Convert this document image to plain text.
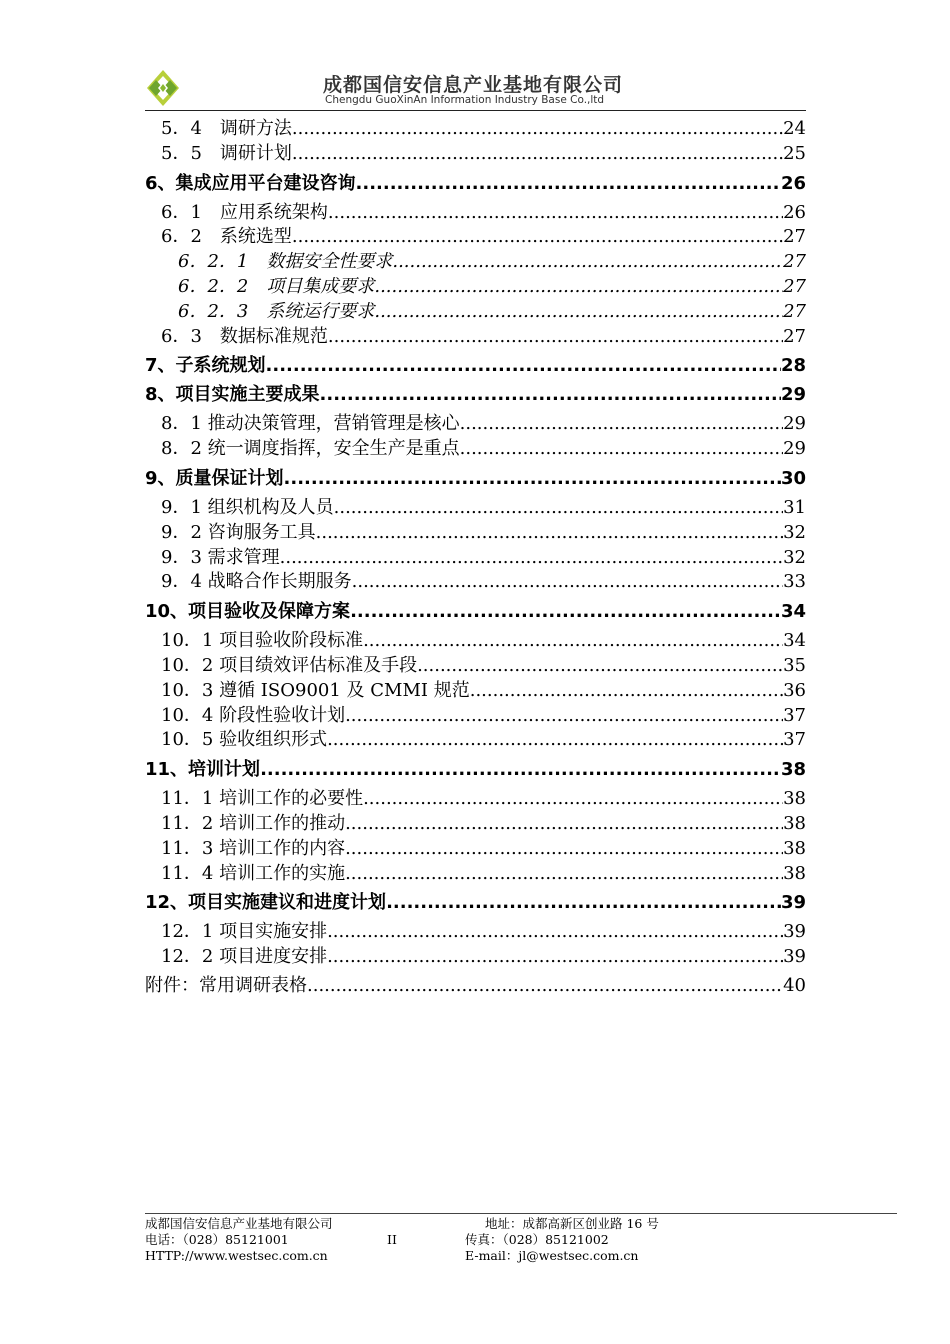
成都国信安信息产业基地有限公司
Chengdu GuoXinAn Information Industry Base Co.,ltd
5．4　调研方法 .....	24
5．5　调研计划 .....	25
6、集成应用平台建设咨询 .....	26
6．1　应用系统架构 .....	26
6．2　系统选型 .....	27
6．2．1　数据安全性要求 .....	27
6．2．2　项目集成要求 .....	27
6．2．3　系统运行要求 .....	27
6．3　数据标准规范 .....	27
7、子系统规划 .....	28
8、项目实施主要成果 .....	29
8．1 推动决策管理，营销管理是核心 .....	29
8．2 统一调度指挥，安全生产是重点 .....	29
9、质量保证计划 .....	30
9．1 组织机构及人员 .....	31
9．2 咨询服务工具 .....	32
9．3 需求管理 .....	32
9．4 战略合作长期服务 .....	33
10、项目验收及保障方案 .....	34
10．1 项目验收阶段标准 .....	34
10．2 项目绩效评估标准及手段 .....	35
10．3 遵循 ISO9001 及 CMMI 规范 .....	36
10．4 阶段性验收计划 .....	37
10．5 验收组织形式 .....	37
11、培训计划 .....	38
11．1 培训工作的必要性 .....	38
11．2 培训工作的推动 .....	38
11．3 培训工作的内容 .....	38
11．4 培训工作的实施 .....	38
12、项目实施建议和进度计划 .....	39
12．1 项目实施安排 .....	39
12．2 项目进度安排 .....	39
附件：常用调研表格 .....	40
成都国信安信息产业基地有限公司	地址：成都高新区创业路 16 号
电话：（028）85121001	II	传真：（028）85121002
HTTP://www.westsec.com.cn	E-mail：jl@westsec.com.cn
